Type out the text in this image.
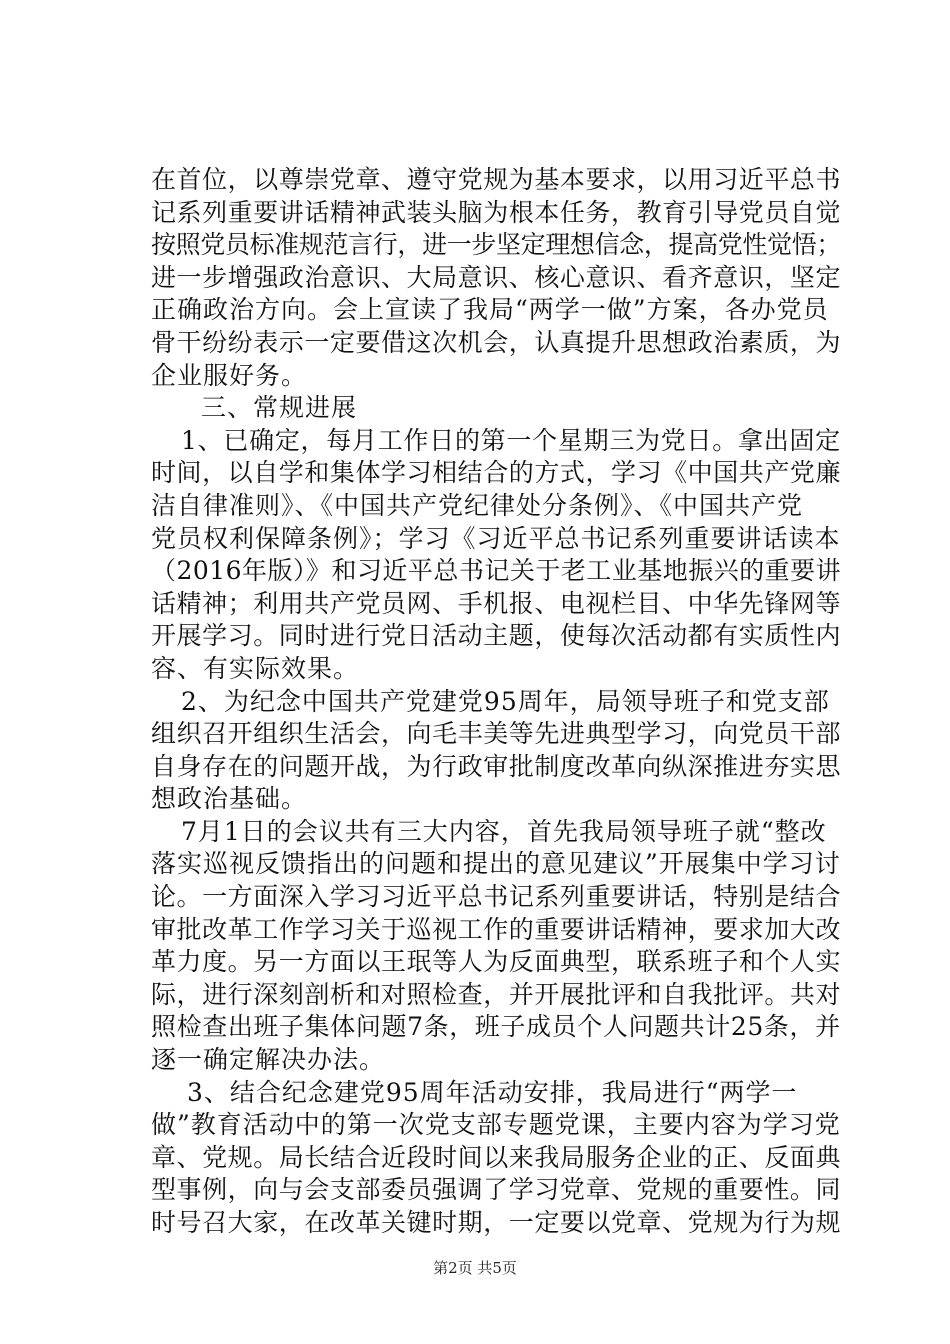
在首位，以尊崇党章、遵守党规为基本要求，以用习近平总书
记系列重要讲话精神武装头脑为根本任务，教育引导党员自觉
按照党员标准规范言行，进一步坚定理想信念，提高党性觉悟；
进一步增强政治意识、大局意识、核心意识、看齐意识，坚定
正确政治方向。会上宣读了我局“两学一做”方案，各办党员
骨干纷纷表示一定要借这次机会，认真提升思想政治素质，为
企业服好务。
三、常规进展
1、已确定，每月工作日的第一个星期三为党日。拿出固定
时间，以自学和集体学习相结合的方式，学习《中国共产党廉
洁自律准则》、《中国共产党纪律处分条例》、《中国共产党
党员权利保障条例》；学习《习近平总书记系列重要讲话读本
（2016年版）》和习近平总书记关于老工业基地振兴的重要讲
话精神；利用共产党员网、手机报、电视栏目、中华先锋网等
开展学习。同时进行党日活动主题，使每次活动都有实质性内
容、有实际效果。
2、为纪念中国共产党建党95周年，局领导班子和党支部
组织召开组织生活会，向毛丰美等先进典型学习，向党员干部
自身存在的问题开战，为行政审批制度改革向纵深推进夯实思
想政治基础。
7月1日的会议共有三大内容，首先我局领导班子就“整改
落实巡视反馈指出的问题和提出的意见建议”开展集中学习讨
论。一方面深入学习习近平总书记系列重要讲话，特别是结合
审批改革工作学习关于巡视工作的重要讲话精神，要求加大改
革力度。另一方面以王珉等人为反面典型，联系班子和个人实
际，进行深刻剖析和对照检查，并开展批评和自我批评。共对
照检查出班子集体问题7条，班子成员个人问题共计25条，并
逐一确定解决办法。
3、结合纪念建党95周年活动安排，我局进行“两学一
做”教育活动中的第一次党支部专题党课，主要内容为学习党
章、党规。局长结合近段时间以来我局服务企业的正、反面典
型事例，向与会支部委员强调了学习党章、党规的重要性。同
时号召大家，在改革关键时期，一定要以党章、党规为行为规
第2页 共5页
